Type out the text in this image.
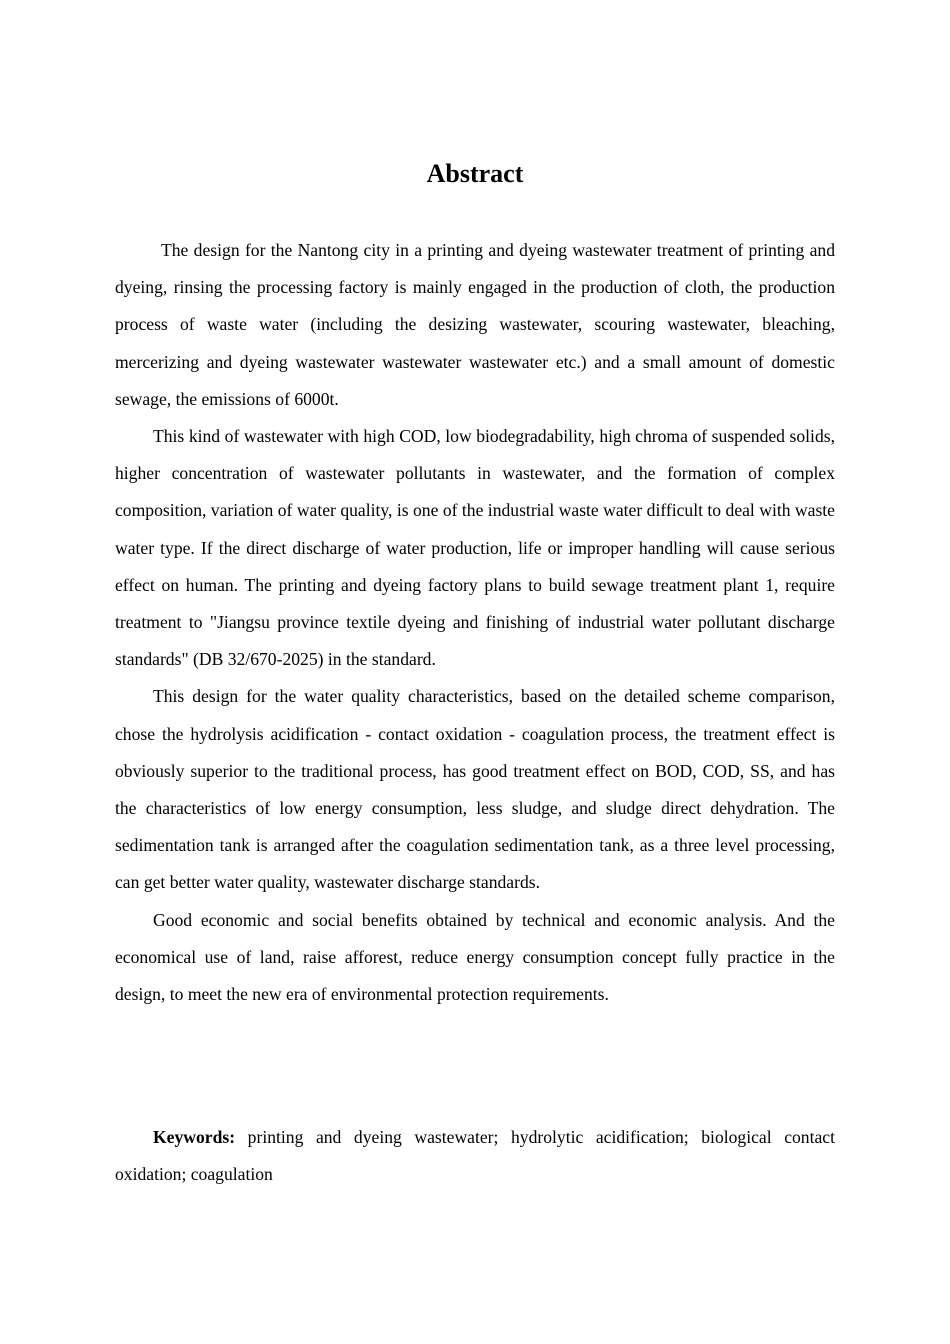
Abstract

The design for the Nantong city in a printing and dyeing wastewater treatment of printing and dyeing, rinsing the processing factory is mainly engaged in the production of cloth, the production process of waste water (including the desizing wastewater, scouring wastewater, bleaching, mercerizing and dyeing wastewater wastewater wastewater etc.) and a small amount of domestic sewage, the emissions of 6000t.

This kind of wastewater with high COD, low biodegradability, high chroma of suspended solids, higher concentration of wastewater pollutants in wastewater, and the formation of complex composition, variation of water quality, is one of the industrial waste water difficult to deal with waste water type. If the direct discharge of water production, life or improper handling will cause serious effect on human. The printing and dyeing factory plans to build sewage treatment plant 1, require treatment to "Jiangsu province textile dyeing and finishing of industrial water pollutant discharge standards" (DB 32/670-2025) in the standard.

This design for the water quality characteristics, based on the detailed scheme comparison, chose the hydrolysis acidification - contact oxidation - coagulation process, the treatment effect is obviously superior to the traditional process, has good treatment effect on BOD, COD, SS, and has the characteristics of low energy consumption, less sludge, and sludge direct dehydration. The sedimentation tank is arranged after the coagulation sedimentation tank, as a three level processing, can get better water quality, wastewater discharge standards.

Good economic and social benefits obtained by technical and economic analysis. And the economical use of land, raise afforest, reduce energy consumption concept fully practice in the design, to meet the new era of environmental protection requirements.

Keywords: printing and dyeing wastewater; hydrolytic acidification; biological contact oxidation; coagulation
